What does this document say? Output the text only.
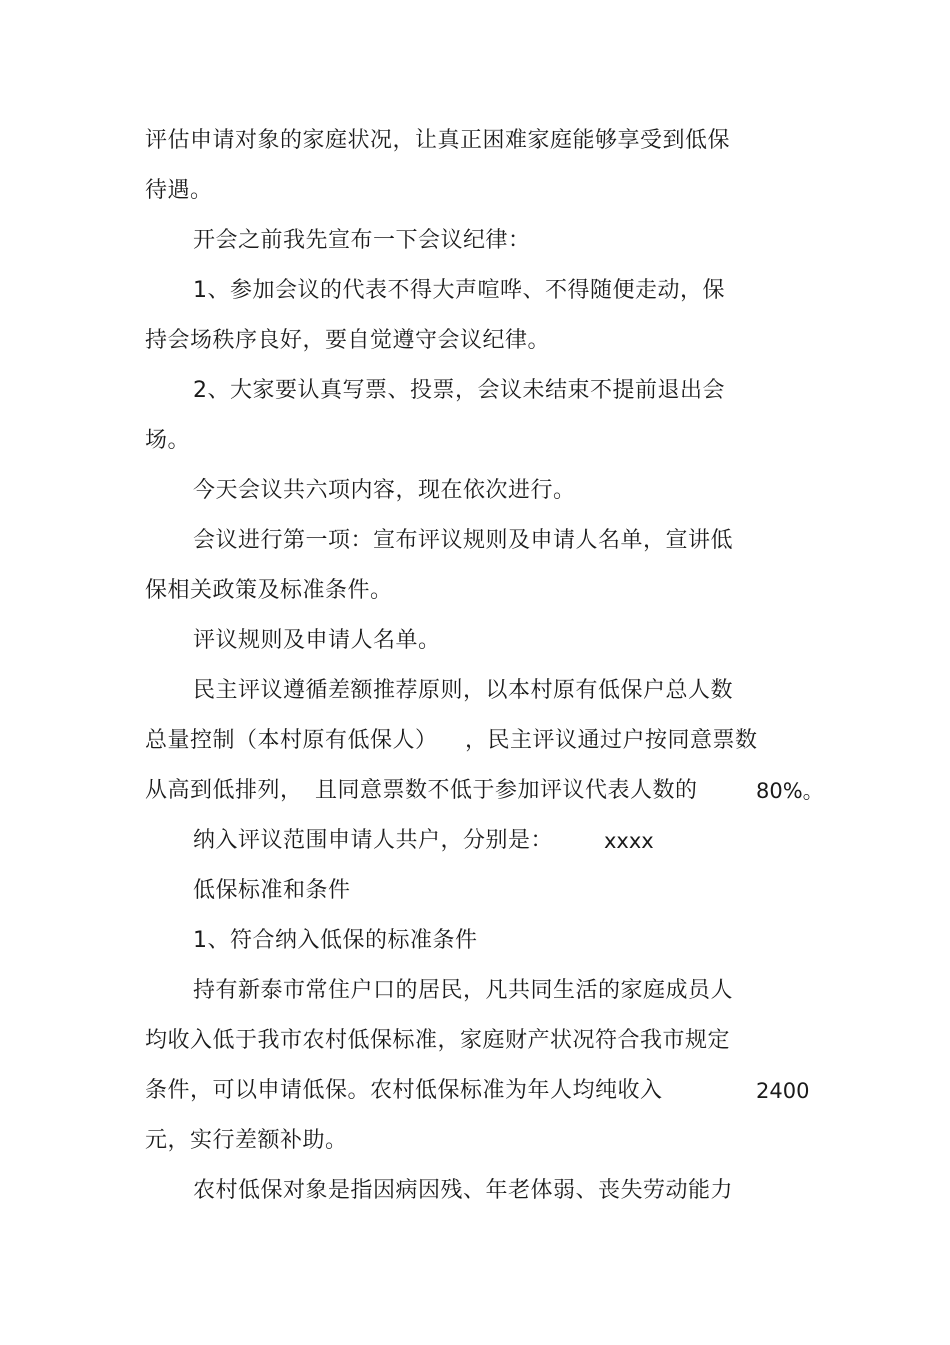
评估申请对象的家庭状况，让真正困难家庭能够享受到低保
待遇。
开会之前我先宣布一下会议纪律：
1、参加会议的代表不得大声喧哗、不得随便走动，保
持会场秩序良好，要自觉遵守会议纪律。
2、大家要认真写票、投票，会议未结束不提前退出会
场。
今天会议共六项内容，现在依次进行。
会议进行第一项：宣布评议规则及申请人名单，宣讲低
保相关政策及标准条件。
评议规则及申请人名单。
民主评议遵循差额推荐原则，以本村原有低保户总人数
总量控制（本村原有低保人） ，民主评议通过户按同意票数
从高到低排列， 且同意票数不低于参加评议代表人数的	80%。
纳入评议范围申请人共户，分别是： xxxx
低保标准和条件
1、符合纳入低保的标准条件
持有新泰市常住户口的居民，凡共同生活的家庭成员人
均收入低于我市农村低保标准，家庭财产状况符合我市规定
条件，可以申请低保。农村低保标准为年人均纯收入	2400
元，实行差额补助。
农村低保对象是指因病因残、年老体弱、丧失劳动能力
